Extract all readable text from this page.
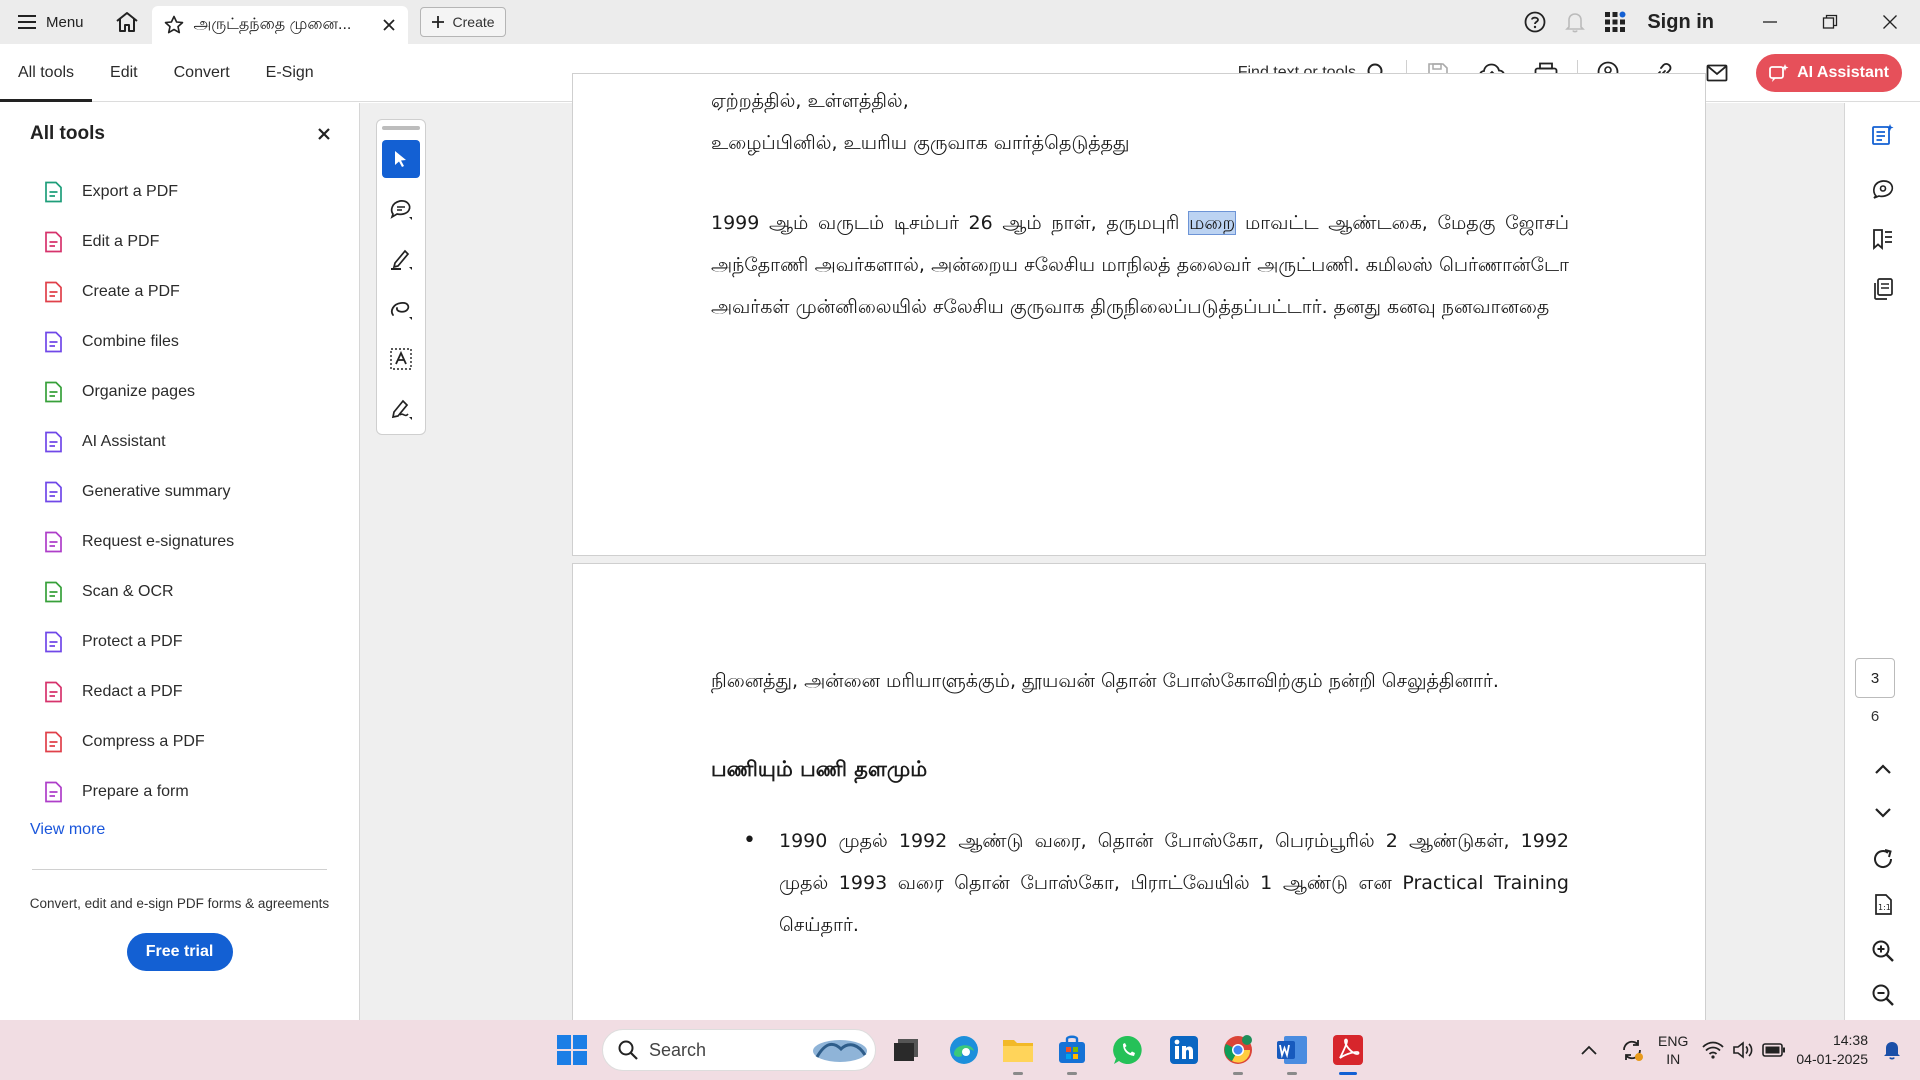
Menu	அருட்தந்தை முனை...	Create	Sign in
All tools	Edit	Convert	E-Sign	AI Assistant
All tools
Export a PDF
Edit a PDF
Create a PDF
Combine files
Organize pages
AI Assistant
Generative summary
Request e-signatures
Scan & OCR
Protect a PDF
Redact a PDF
Compress a PDF
Prepare a form
View more
Convert, edit and e-sign PDF forms & agreements
Free trial
ஏற்றத்தில், உள்ளத்தில்,
உழைப்பினில், உயரிய குருவாக வார்த்தெடுத்தது
1999 ஆம் வருடம் டிசம்பர் 26 ஆம் நாள், தருமபுரி மறை மாவட்ட ஆண்டகை, மேதகு ஜோசப் அந்தோணி அவர்களால், அன்றைய சலேசிய மாநிலத் தலைவர் அருட்பணி. கமிலஸ் பெர்ணான்டோ அவர்கள் முன்னிலையில் சலேசிய குருவாக திருநிலைப்படுத்தப்பட்டார். தனது கனவு நனவானதை
நினைத்து, அன்னை மரியாளுக்கும், தூயவன் தொன் போஸ்கோவிற்கும் நன்றி செலுத்தினார்.
பணியும் பணி தளமும்
• 1990 முதல் 1992 ஆண்டு வரை, தொன் போஸ்கோ, பெரம்பூரில் 2 ஆண்டுகள், 1992 முதல் 1993 வரை தொன் போஸ்கோ, பிராட்வேயில் 1 ஆண்டு என Practical Training செய்தார்.
3
6
1:1
Search	ENG
IN
14:38
04-01-2025
